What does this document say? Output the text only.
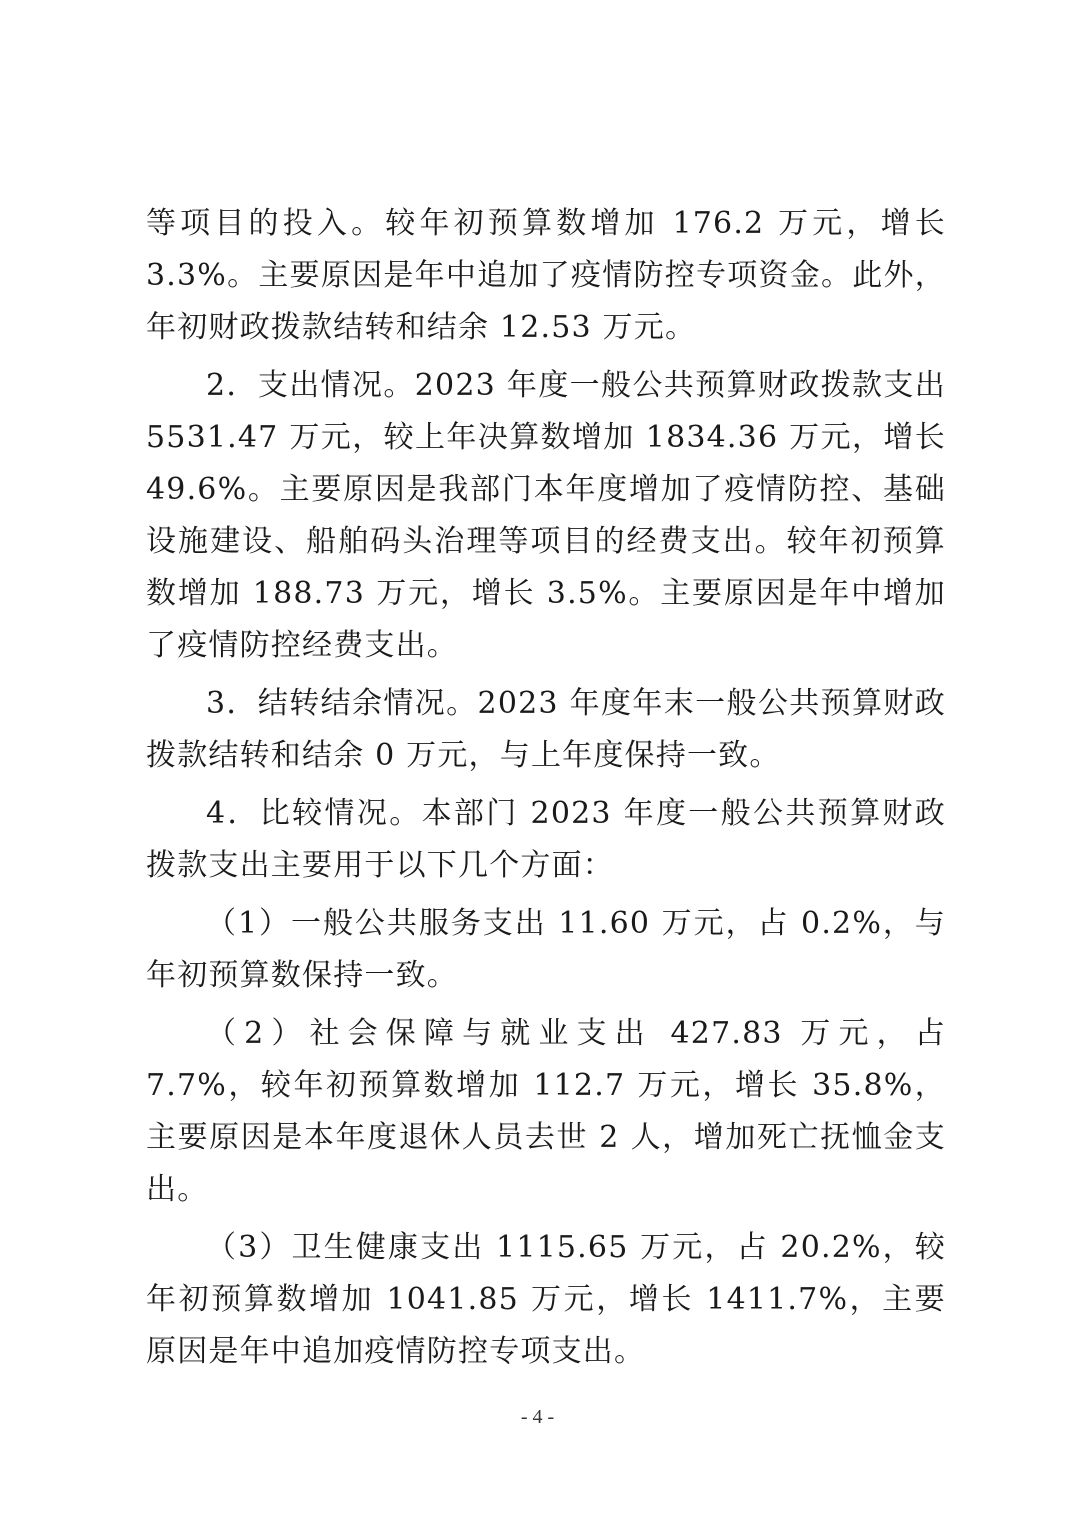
等项目的投入。较年初预算数增加 176.2 万元，增长 3.3%。主要原因是年中追加了疫情防控专项资金。此外，年初财政拨款结转和结余 12.53 万元。

2．支出情况。2023 年度一般公共预算财政拨款支出 5531.47 万元，较上年决算数增加 1834.36 万元，增长 49.6%。主要原因是我部门本年度增加了疫情防控、基础设施建设、船舶码头治理等项目的经费支出。较年初预算数增加 188.73 万元，增长 3.5%。主要原因是年中增加了疫情防控经费支出。

3．结转结余情况。2023 年度年末一般公共预算财政拨款结转和结余 0 万元，与上年度保持一致。

4．比较情况。本部门 2023 年度一般公共预算财政拨款支出主要用于以下几个方面：

（1）一般公共服务支出 11.60 万元，占 0.2%，与年初预算数保持一致。

（2）社会保障与就业支出 427.83 万元，占 7.7%，较年初预算数增加 112.7 万元，增长 35.8%，主要原因是本年度退休人员去世 2 人，增加死亡抚恤金支出。

（3）卫生健康支出 1115.65 万元，占 20.2%，较年初预算数增加 1041.85 万元，增长 1411.7%，主要原因是年中追加疫情防控专项支出。

- 4 -
